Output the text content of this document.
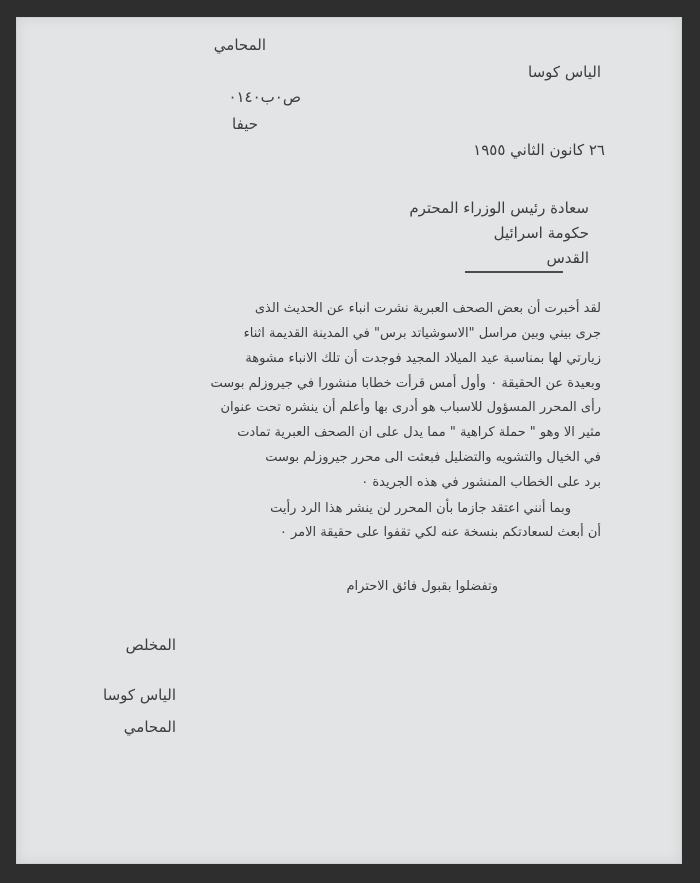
المحامي
الياس كوسا
ص٠ب٠١٤٠
حيفا
٢٦ كانون الثاني ١٩٥٥
سعادة رئيس الوزراء المحترم
حكومة اسرائيل
القدس
لقد أخبرت أن بعض الصحف العبرية نشرت انباء عن الحديث الذى
جرى بيني وبين مراسل "الاسوشياتد برس" في المدينة القديمة اثناء
زيارتي لها بمناسبة عيد الميلاد المجيد فوجدت أن تلك الانباء مشوهة
وبعيدة عن الحقيقة ٠ وأول أمس قرأت خطابا منشورا في جيروزلم بوست
رأى المحرر المسؤول للاسباب هو أدرى بها وأعلم أن ينشره تحت عنوان
مثير الا وهو " حملة كراهية " مما يدل على ان الصحف العبرية تمادت
في الخيال والتشويه والتضليل فبعثت الى محرر جيروزلم بوست
برد على الخطاب المنشور في هذه الجريدة ٠
وبما أنني اعتقد جازما بأن المحرر لن ينشر هذا الرد رأيت
أن أبعث لسعادتكم بنسخة عنه لكي تقفوا على حقيقة الامر ٠
وتفضلوا بقبول فائق الاحترام
المخلص
الياس كوسا
المحامي
